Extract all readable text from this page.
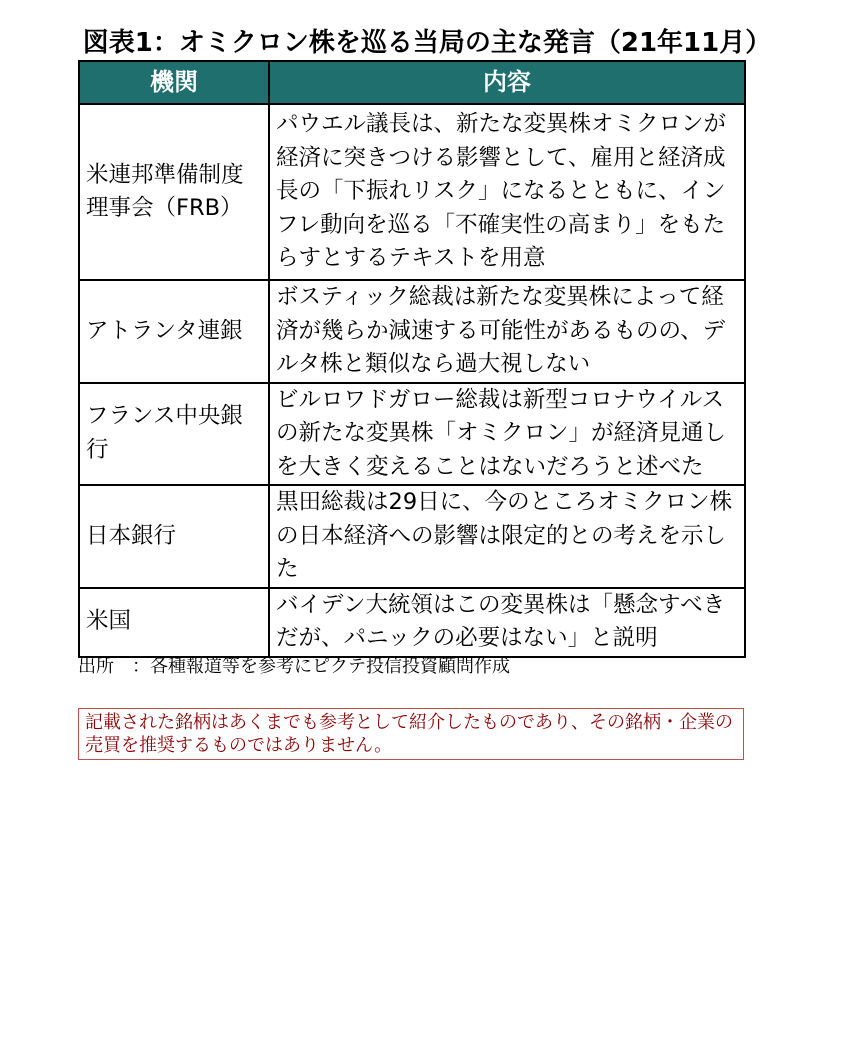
図表1：オミクロン株を巡る当局の主な発言（21年11月）
機関	内容
米連邦準備制度理事会（FRB）	パウエル議長は、新たな変異株オミクロンが経済に突きつける影響として、雇用と経済成長の「下振れリスク」になるとともに、インフレ動向を巡る「不確実性の高まり」をもたらすとするテキストを用意
アトランタ連銀	ボスティック総裁は新たな変異株によって経済が幾らか減速する可能性があるものの、デルタ株と類似なら過大視しない
フランス中央銀行	ビルロワドガロー総裁は新型コロナウイルスの新たな変異株「オミクロン」が経済見通しを大きく変えることはないだろうと述べた
日本銀行	黒田総裁は29日に、今のところオミクロン株の日本経済への影響は限定的との考えを示した
米国	バイデン大統領はこの変異株は「懸念すべきだが、パニックの必要はない」と説明
出所　：各種報道等を参考にピクテ投信投資顧問作成
記載された銘柄はあくまでも参考として紹介したものであり、その銘柄・企業の売買を推奨するものではありません。
